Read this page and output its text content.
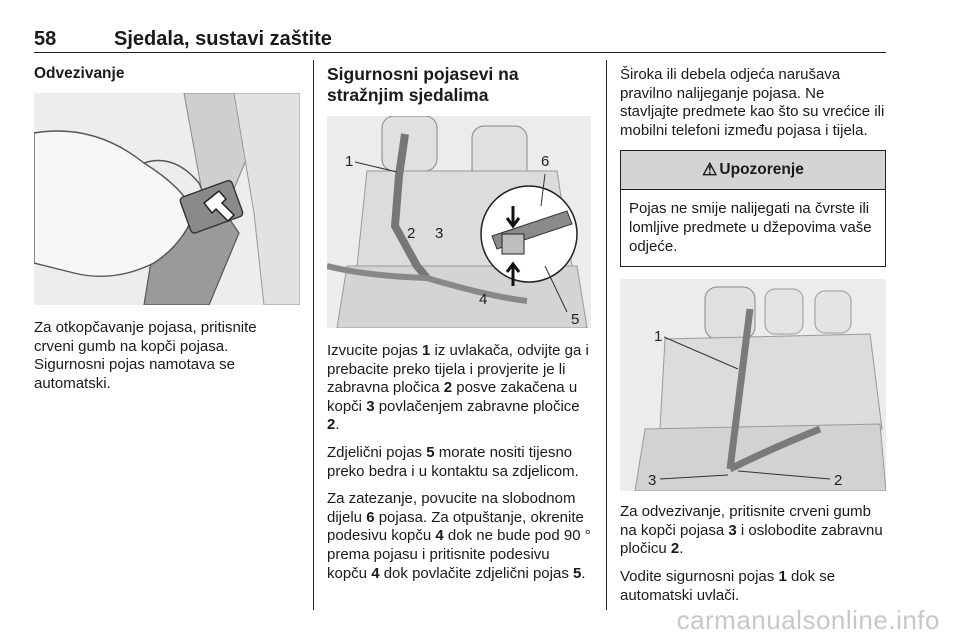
58	Sjedala, sustavi zaštite
Odvezivanje

Za otkopčavanje pojasa, pritisnite crveni gumb na kopči pojasa. Sigurnosni pojas namotava se automatski.

Sigurnosni pojasevi na stražnjim sjedalima
1
2 3
4
5
6

Izvucite pojas 1 iz uvlakača, odvijte ga i prebacite preko tijela i provjerite je li zabravna pločica 2 posve zakačena u kopči 3 povlačenjem zabravne pločice 2.

Zdjelični pojas 5 morate nositi tijesno preko bedra i u kontaktu sa zdjelicom.

Za zatezanje, povucite na slobodnom dijelu 6 pojasa. Za otpuštanje, okrenite podesivu kopču 4 dok ne bude pod 90 ° prema pojasu i pritisnite podesivu kopču 4 dok povlačite zdjelični pojas 5.

Široka ili debela odjeća narušava pravilno nalijeganje pojasa. Ne stavljajte predmete kao što su vrećice ili mobilni telefoni između pojasa i tijela.

⚠ Upozorenje
Pojas ne smije nalijegati na čvrste ili lomljive predmete u džepovima vaše odjeće.
1
2
3

Za odvezivanje, pritisnite crveni gumb na kopči pojasa 3 i oslobodite zabravnu pločicu 2.

Vodite sigurnosni pojas 1 dok se automatski uvlači.

carmanualsonline.info
